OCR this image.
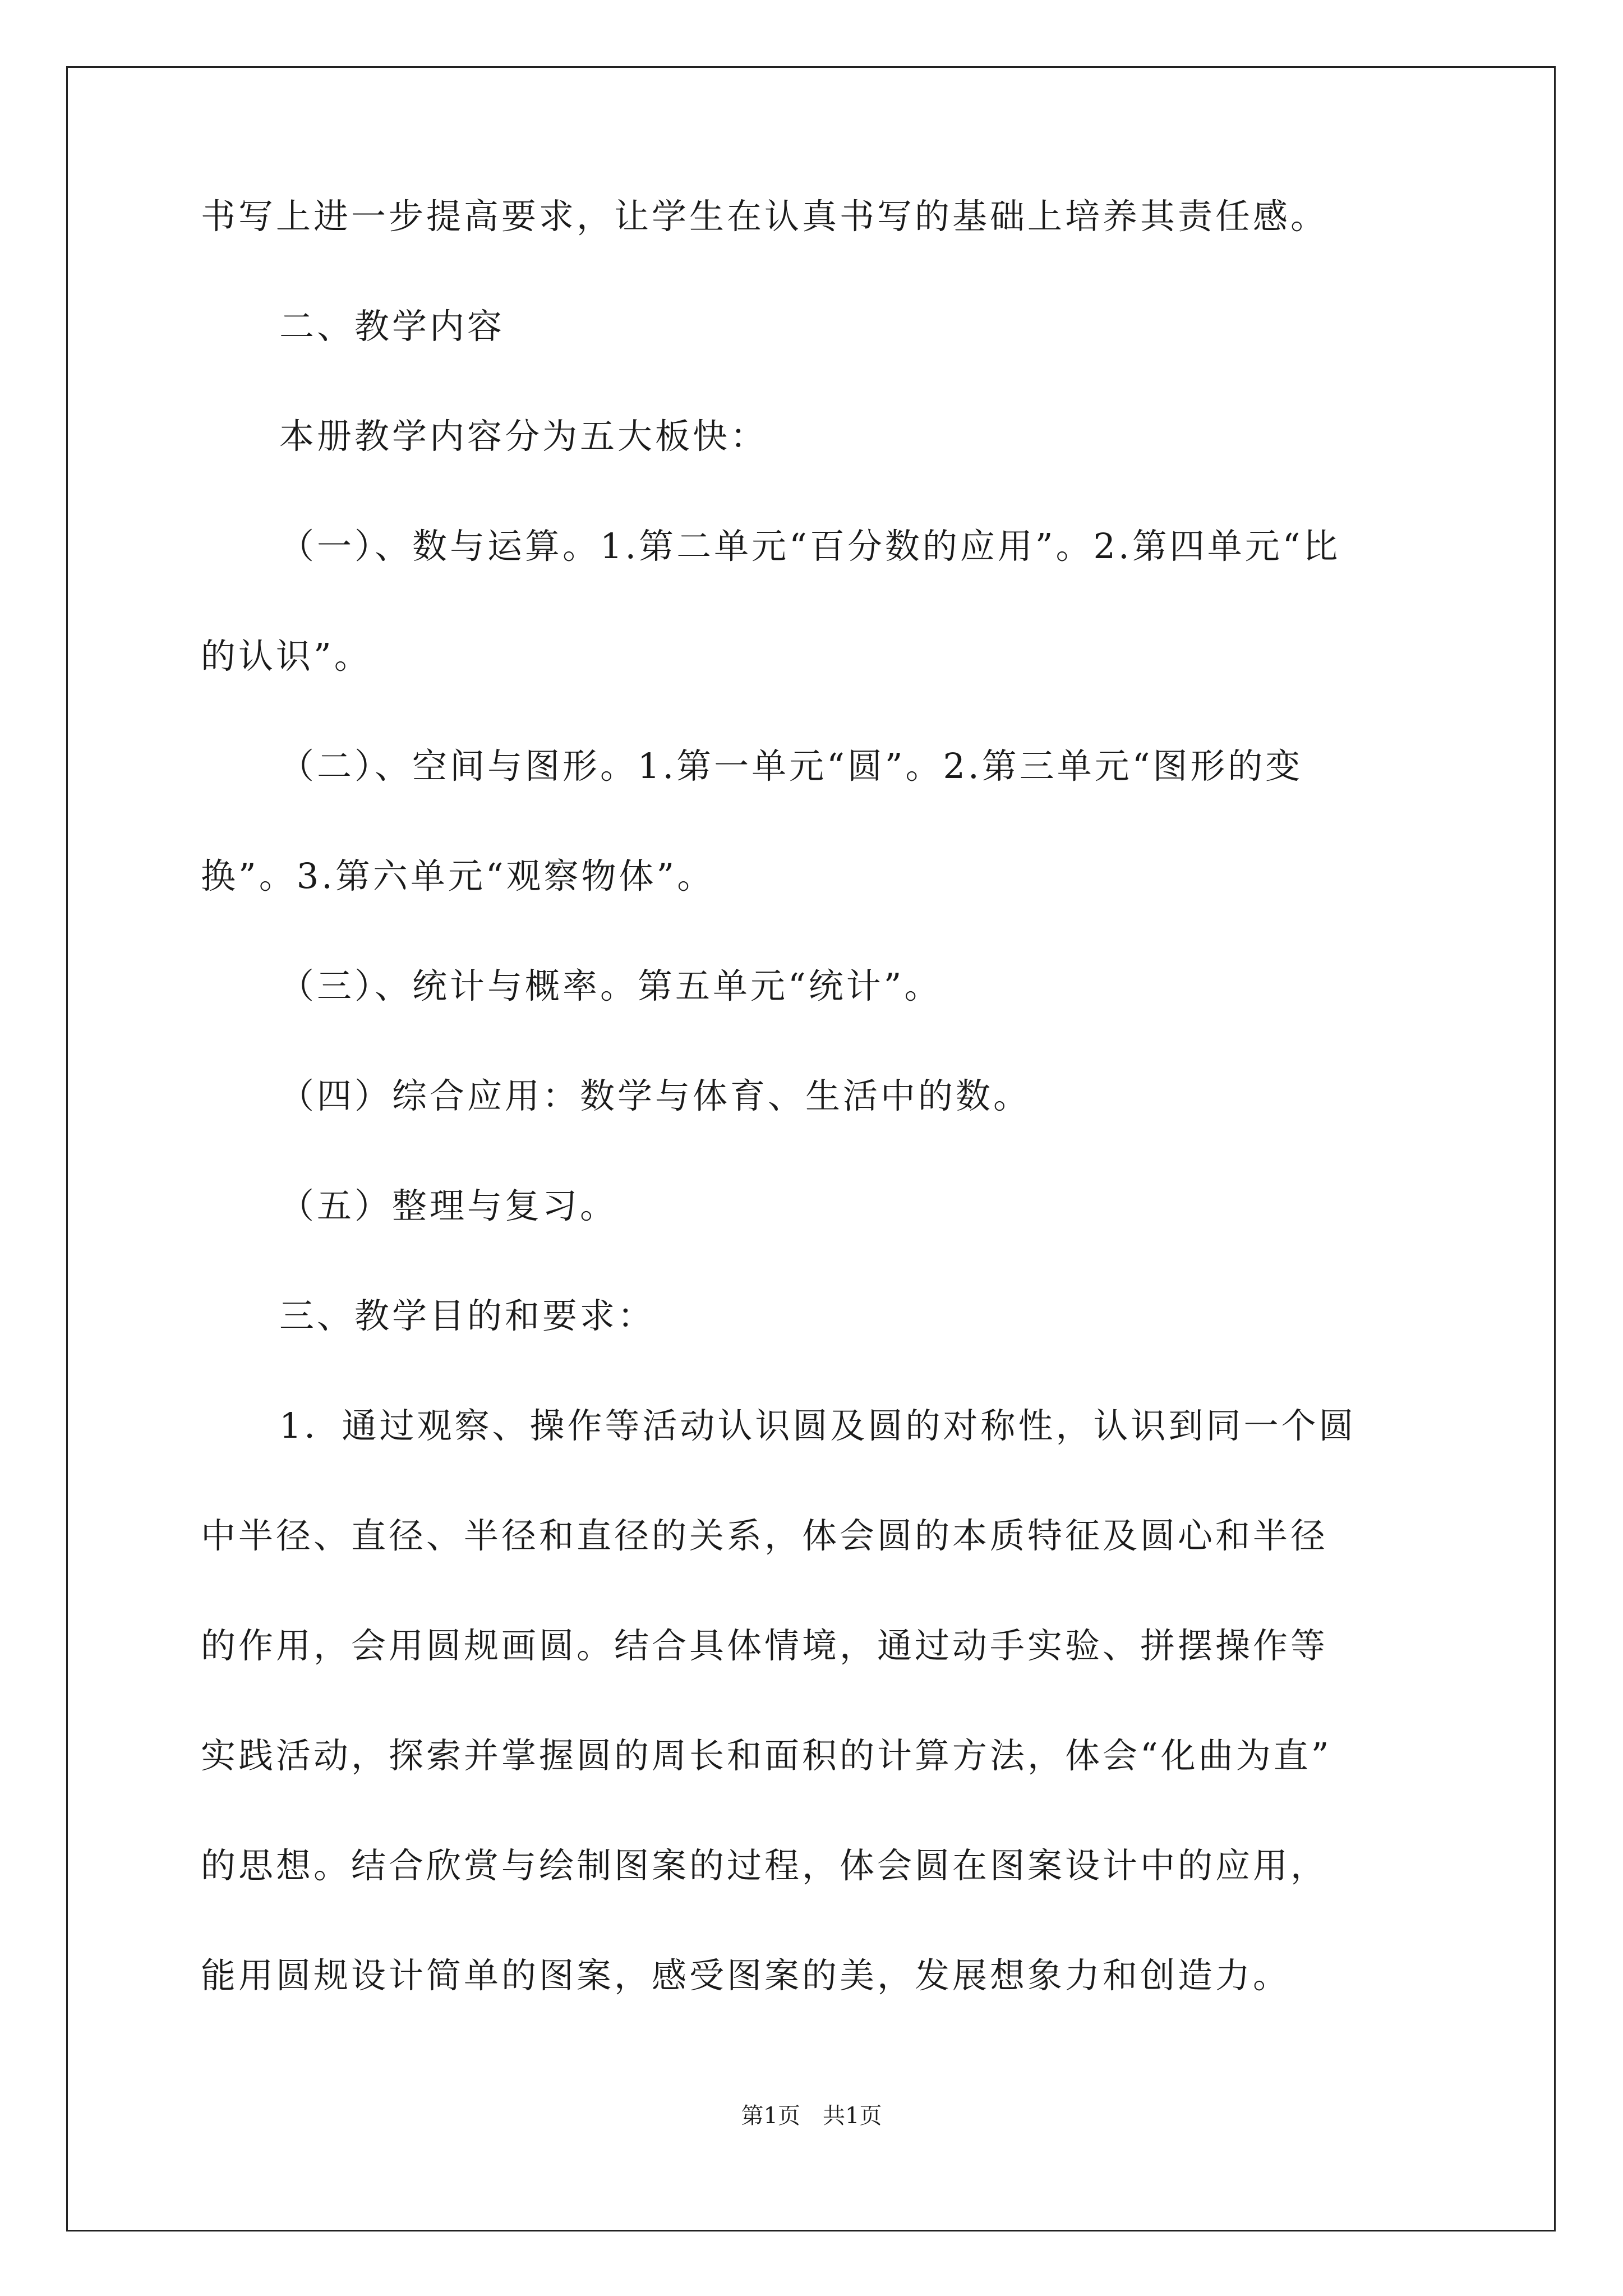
书写上进一步提高要求，让学生在认真书写的基础上培养其责任感。
二、教学内容
本册教学内容分为五大板快：
（一）、数与运算。1.第二单元“百分数的应用”。2.第四单元“比
的认识”。
（二）、空间与图形。1.第一单元“圆”。2.第三单元“图形的变
换”。3.第六单元“观察物体”。
（三）、统计与概率。第五单元“统计”。
（四）综合应用：数学与体育、生活中的数。
（五）整理与复习。
三、教学目的和要求：
1．通过观察、操作等活动认识圆及圆的对称性，认识到同一个圆
中半径、直径、半径和直径的关系，体会圆的本质特征及圆心和半径
的作用，会用圆规画圆。结合具体情境，通过动手实验、拼摆操作等
实践活动，探索并掌握圆的周长和面积的计算方法，体会“化曲为直”
的思想。结合欣赏与绘制图案的过程，体会圆在图案设计中的应用，
能用圆规设计简单的图案，感受图案的美，发展想象力和创造力。
第1页　共1页
